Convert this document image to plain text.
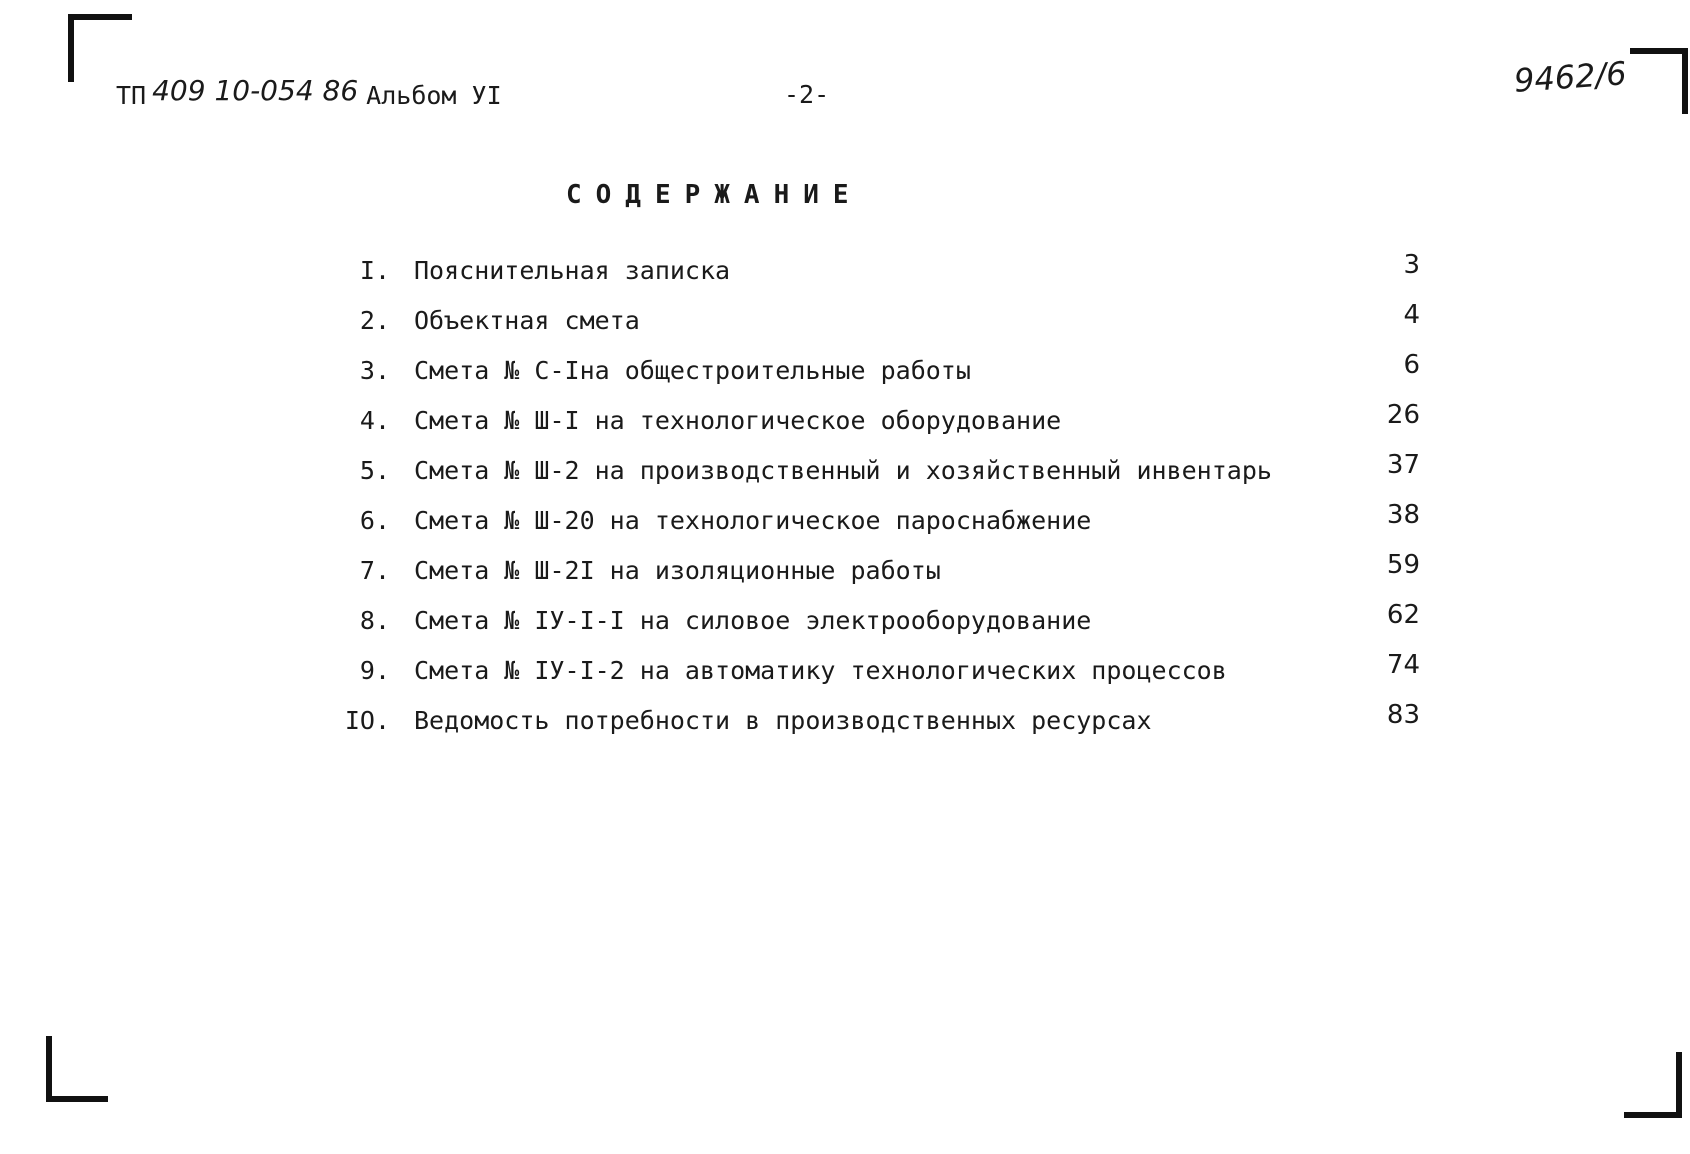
ТП 409 10-054 86 Альбом УI	-2-	9462/6
СОДЕРЖАНИЕ
I. Пояснительная записка	3
2. Объектная смета	4
3. Смета № С-Iна общестроительные работы	6
4. Смета № Ш-I на технологическое оборудование	26
5. Смета № Ш-2 на производственный и хозяйственный инвентарь	37
6. Смета № Ш-20 на технологическое пароснабжение	38
7. Смета № Ш-2I на изоляционные работы	59
8. Смета № IУ-I-I на силовое электрооборудование	62
9. Смета № IУ-I-2 на автоматику технологических процессов	74
IO. Ведомость потребности в производственных ресурсах	83
